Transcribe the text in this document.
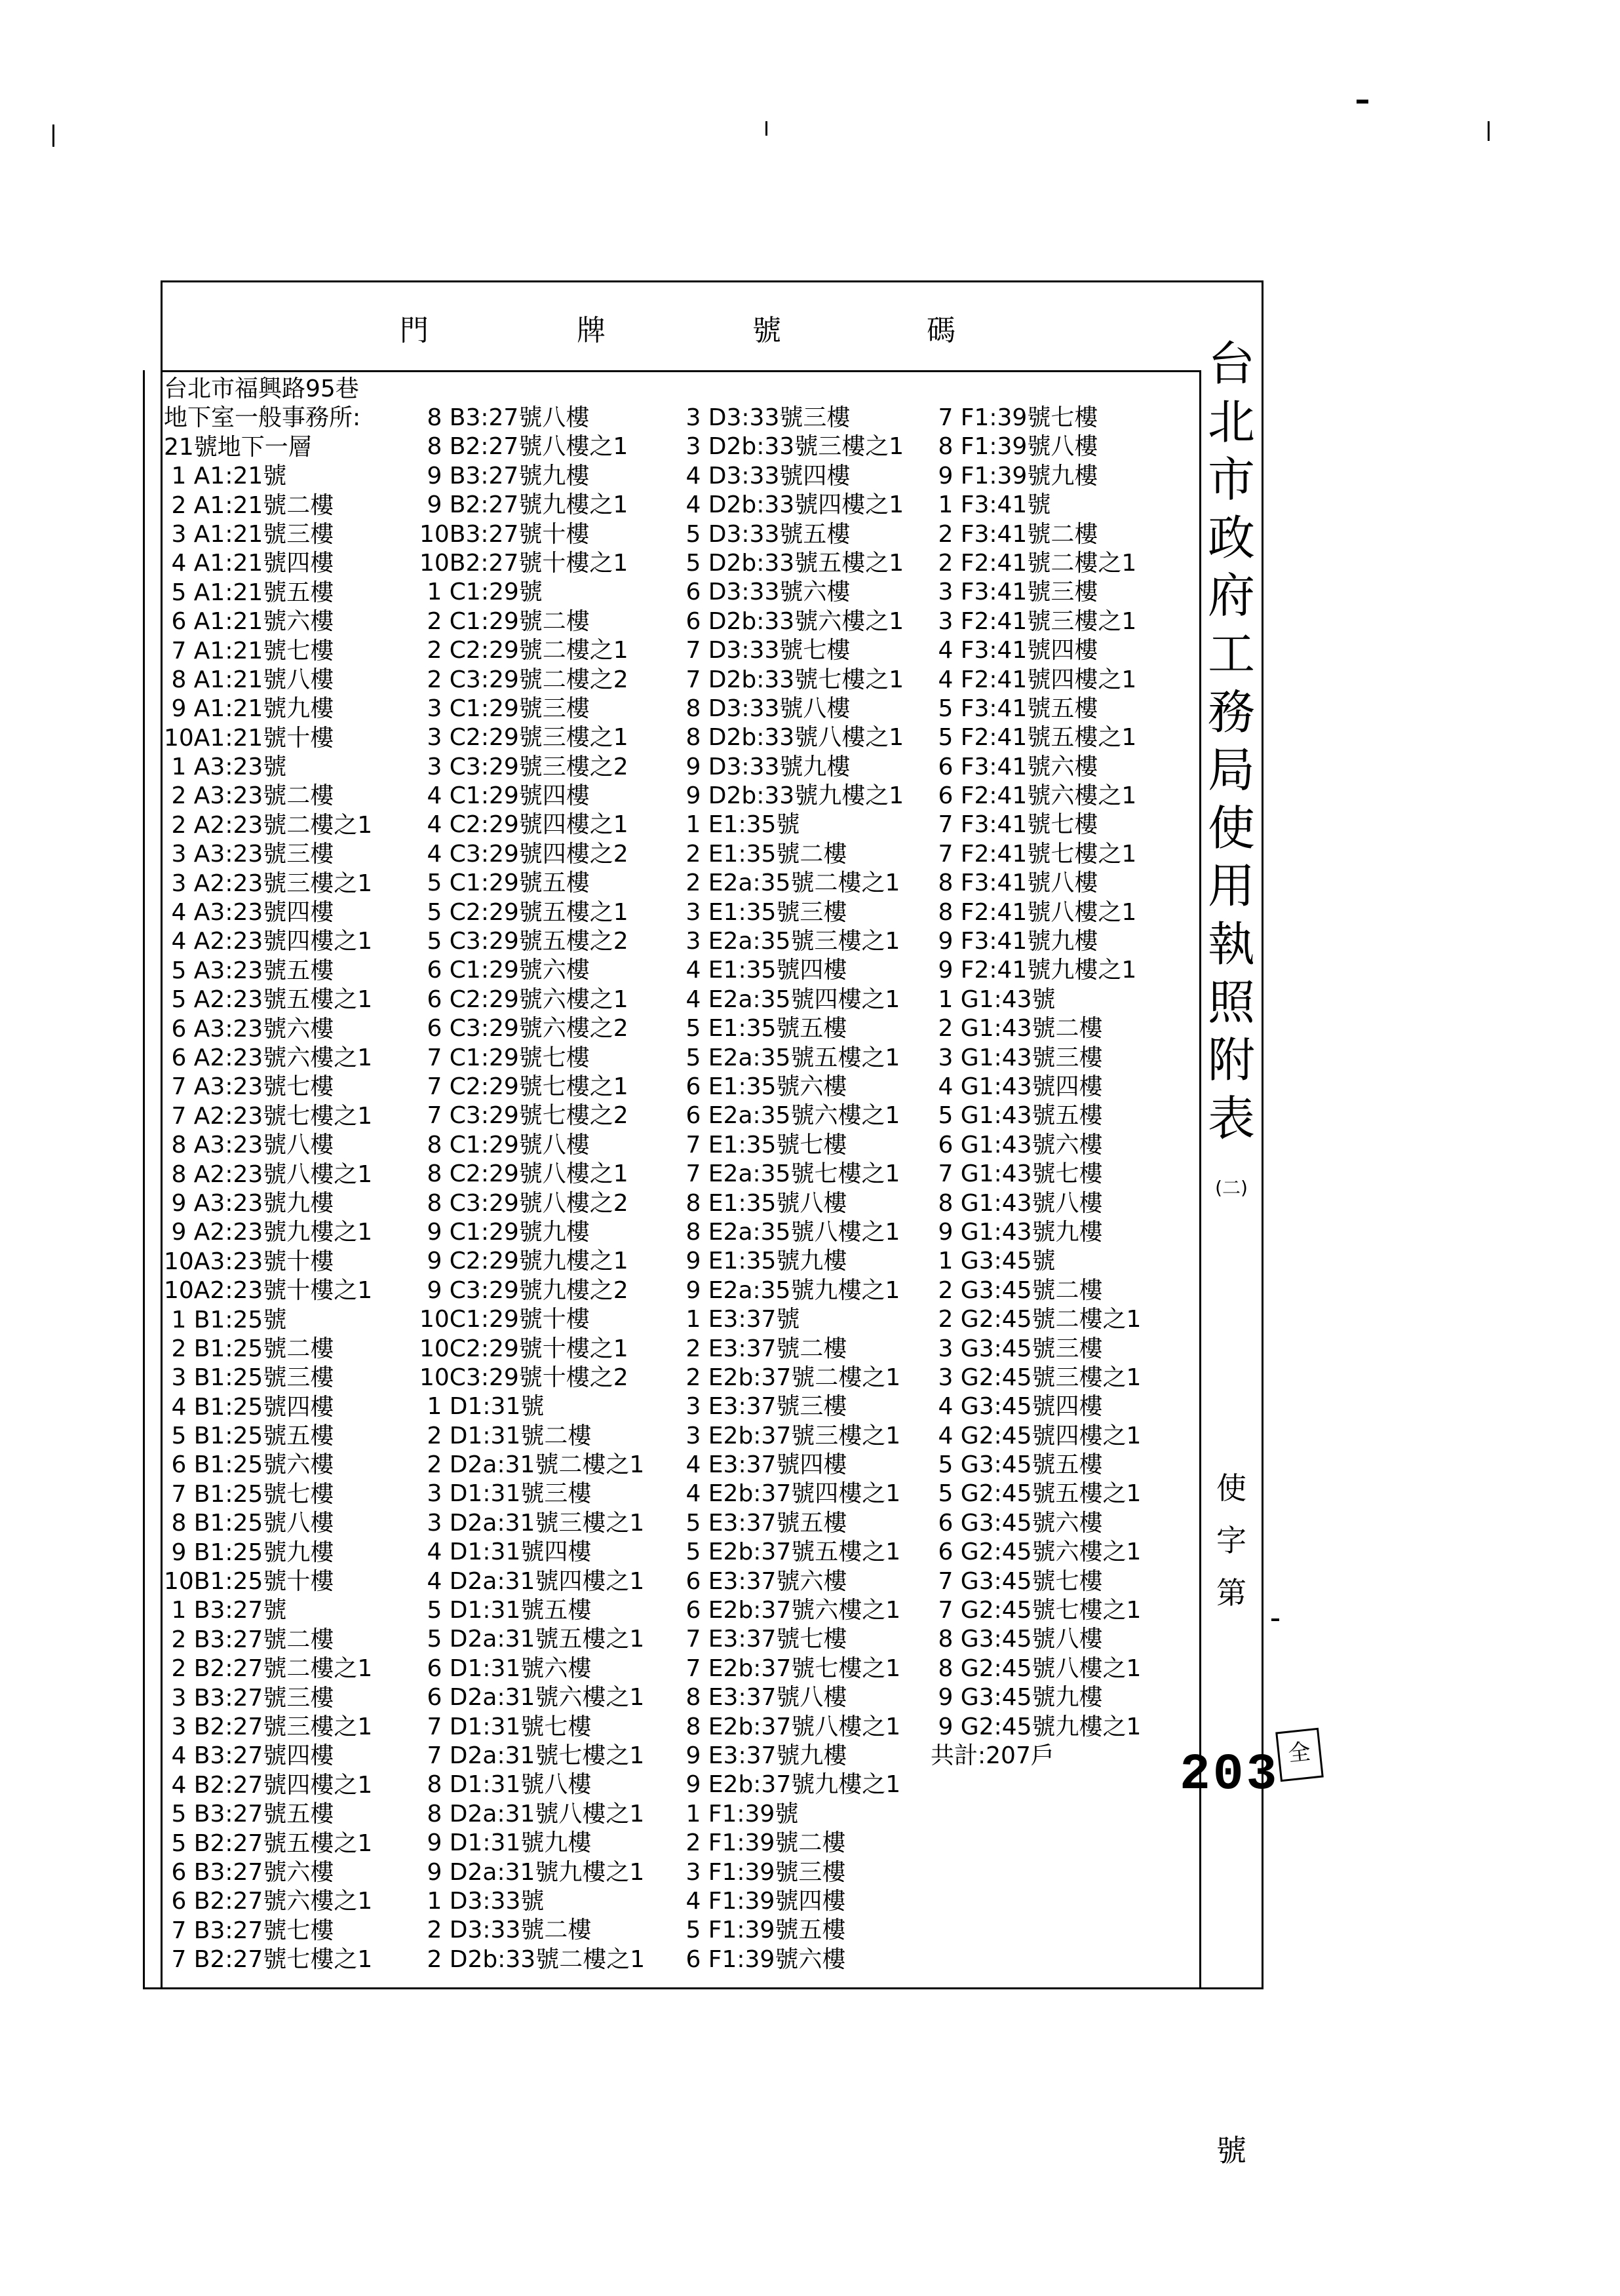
門	牌	號	碼
台
北
市
政
府
工
務
局
使
用
執
照
附
表
(二)
使
字
第
號
203 全
台北市福興路95巷
地下室一般事務所:
21號地下一層
1 A1:21號
2 A1:21號二樓
3 A1:21號三樓
4 A1:21號四樓
5 A1:21號五樓
6 A1:21號六樓
7 A1:21號七樓
8 A1:21號八樓
9 A1:21號九樓
10A1:21號十樓
1 A3:23號
2 A3:23號二樓
2 A2:23號二樓之1
3 A3:23號三樓
3 A2:23號三樓之1
4 A3:23號四樓
4 A2:23號四樓之1
5 A3:23號五樓
5 A2:23號五樓之1
6 A3:23號六樓
6 A2:23號六樓之1
7 A3:23號七樓
7 A2:23號七樓之1
8 A3:23號八樓
8 A2:23號八樓之1
9 A3:23號九樓
9 A2:23號九樓之1
10A3:23號十樓
10A2:23號十樓之1
1 B1:25號
2 B1:25號二樓
3 B1:25號三樓
4 B1:25號四樓
5 B1:25號五樓
6 B1:25號六樓
7 B1:25號七樓
8 B1:25號八樓
9 B1:25號九樓
10B1:25號十樓
1 B3:27號
2 B3:27號二樓
2 B2:27號二樓之1
3 B3:27號三樓
3 B2:27號三樓之1
4 B3:27號四樓
4 B2:27號四樓之1
5 B3:27號五樓
5 B2:27號五樓之1
6 B3:27號六樓
6 B2:27號六樓之1
7 B3:27號七樓
7 B2:27號七樓之1
8 B3:27號八樓
8 B2:27號八樓之1
9 B3:27號九樓
9 B2:27號九樓之1
10B3:27號十樓
10B2:27號十樓之1
1 C1:29號
2 C1:29號二樓
2 C2:29號二樓之1
2 C3:29號二樓之2
3 C1:29號三樓
3 C2:29號三樓之1
3 C3:29號三樓之2
4 C1:29號四樓
4 C2:29號四樓之1
4 C3:29號四樓之2
5 C1:29號五樓
5 C2:29號五樓之1
5 C3:29號五樓之2
6 C1:29號六樓
6 C2:29號六樓之1
6 C3:29號六樓之2
7 C1:29號七樓
7 C2:29號七樓之1
7 C3:29號七樓之2
8 C1:29號八樓
8 C2:29號八樓之1
8 C3:29號八樓之2
9 C1:29號九樓
9 C2:29號九樓之1
9 C3:29號九樓之2
10C1:29號十樓
10C2:29號十樓之1
10C3:29號十樓之2
1 D1:31號
2 D1:31號二樓
2 D2a:31號二樓之1
3 D1:31號三樓
3 D2a:31號三樓之1
4 D1:31號四樓
4 D2a:31號四樓之1
5 D1:31號五樓
5 D2a:31號五樓之1
6 D1:31號六樓
6 D2a:31號六樓之1
7 D1:31號七樓
7 D2a:31號七樓之1
8 D1:31號八樓
8 D2a:31號八樓之1
9 D1:31號九樓
9 D2a:31號九樓之1
1 D3:33號
2 D3:33號二樓
2 D2b:33號二樓之1
3 D3:33號三樓
3 D2b:33號三樓之1
4 D3:33號四樓
4 D2b:33號四樓之1
5 D3:33號五樓
5 D2b:33號五樓之1
6 D3:33號六樓
6 D2b:33號六樓之1
7 D3:33號七樓
7 D2b:33號七樓之1
8 D3:33號八樓
8 D2b:33號八樓之1
9 D3:33號九樓
9 D2b:33號九樓之1
1 E1:35號
2 E1:35號二樓
2 E2a:35號二樓之1
3 E1:35號三樓
3 E2a:35號三樓之1
4 E1:35號四樓
4 E2a:35號四樓之1
5 E1:35號五樓
5 E2a:35號五樓之1
6 E1:35號六樓
6 E2a:35號六樓之1
7 E1:35號七樓
7 E2a:35號七樓之1
8 E1:35號八樓
8 E2a:35號八樓之1
9 E1:35號九樓
9 E2a:35號九樓之1
1 E3:37號
2 E3:37號二樓
2 E2b:37號二樓之1
3 E3:37號三樓
3 E2b:37號三樓之1
4 E3:37號四樓
4 E2b:37號四樓之1
5 E3:37號五樓
5 E2b:37號五樓之1
6 E3:37號六樓
6 E2b:37號六樓之1
7 E3:37號七樓
7 E2b:37號七樓之1
8 E3:37號八樓
8 E2b:37號八樓之1
9 E3:37號九樓
9 E2b:37號九樓之1
1 F1:39號
2 F1:39號二樓
3 F1:39號三樓
4 F1:39號四樓
5 F1:39號五樓
6 F1:39號六樓
7 F1:39號七樓
8 F1:39號八樓
9 F1:39號九樓
1 F3:41號
2 F3:41號二樓
2 F2:41號二樓之1
3 F3:41號三樓
3 F2:41號三樓之1
4 F3:41號四樓
4 F2:41號四樓之1
5 F3:41號五樓
5 F2:41號五樓之1
6 F3:41號六樓
6 F2:41號六樓之1
7 F3:41號七樓
7 F2:41號七樓之1
8 F3:41號八樓
8 F2:41號八樓之1
9 F3:41號九樓
9 F2:41號九樓之1
1 G1:43號
2 G1:43號二樓
3 G1:43號三樓
4 G1:43號四樓
5 G1:43號五樓
6 G1:43號六樓
7 G1:43號七樓
8 G1:43號八樓
9 G1:43號九樓
1 G3:45號
2 G3:45號二樓
2 G2:45號二樓之1
3 G3:45號三樓
3 G2:45號三樓之1
4 G3:45號四樓
4 G2:45號四樓之1
5 G3:45號五樓
5 G2:45號五樓之1
6 G3:45號六樓
6 G2:45號六樓之1
7 G3:45號七樓
7 G2:45號七樓之1
8 G3:45號八樓
8 G2:45號八樓之1
9 G3:45號九樓
9 G2:45號九樓之1
共計:207戶
